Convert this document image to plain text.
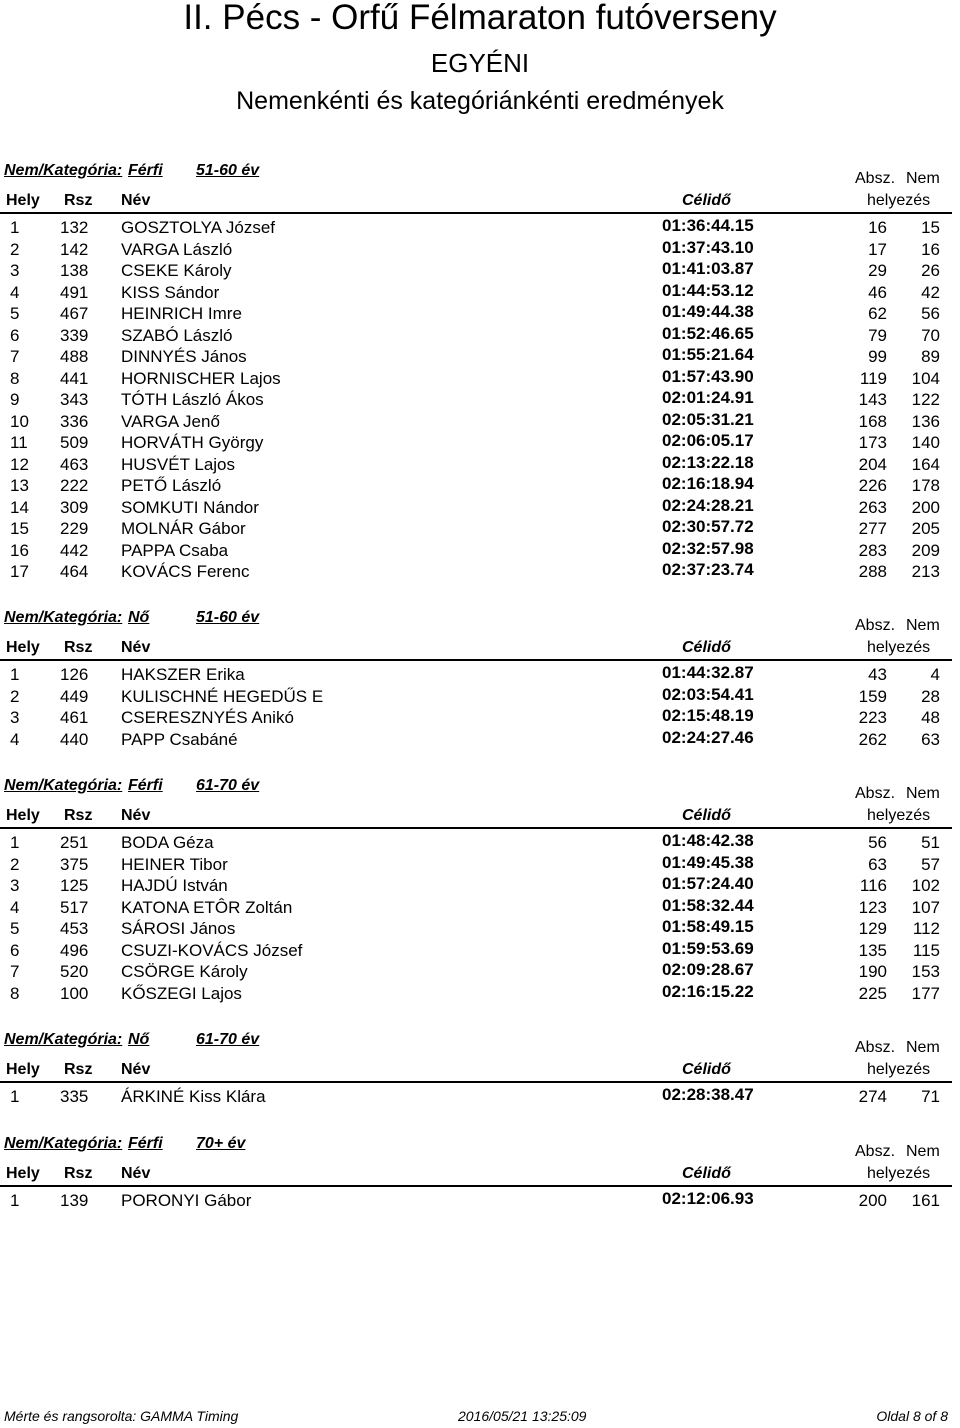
II. Pécs - Orfű Félmaraton futóverseny
EGYÉNI
Nemenkénti és kategóriánkénti eredmények
Nem/Kategória: Férfi 51-60 év	Absz. Nem
Hely Rsz Név	Célidő	helyezés
1 132 GOSZTOLYA József	01:36:44.15	16	15
2 142 VARGA László	01:37:43.10	17	16
3 138 CSEKE Károly	01:41:03.87	29	26
4 491 KISS Sándor	01:44:53.12	46	42
5 467 HEINRICH Imre	01:49:44.38	62	56
6 339 SZABÓ László	01:52:46.65	79	70
7 488 DINNYÉS János	01:55:21.64	99	89
8 441 HORNISCHER Lajos	01:57:43.90	119	104
9 343 TÓTH László Ákos	02:01:24.91	143	122
10 336 VARGA Jenő	02:05:31.21	168	136
11 509 HORVÁTH György	02:06:05.17	173	140
12 463 HUSVÉT Lajos	02:13:22.18	204	164
13 222 PETŐ László	02:16:18.94	226	178
14 309 SOMKUTI Nándor	02:24:28.21	263	200
15 229 MOLNÁR Gábor	02:30:57.72	277	205
16 442 PAPPA Csaba	02:32:57.98	283	209
17 464 KOVÁCS Ferenc	02:37:23.74	288	213
Nem/Kategória: Nő	51-60 év	Absz. Nem
Hely Rsz Név	Célidő	helyezés
1 126 HAKSZER Erika	01:44:32.87	43	4
2 449 KULISCHNÉ HEGEDŰS E	02:03:54.41	159	28
3 461 CSERESZNYÉS Anikó	02:15:48.19	223	48
4 440 PAPP Csabáné	02:24:27.46	262	63
Nem/Kategória: Férfi 61-70 év	Absz. Nem
Hely Rsz Név	Célidő	helyezés
1 251 BODA Géza	01:48:42.38	56	51
2 375 HEINER Tibor	01:49:45.38	63	57
3 125 HAJDÚ István	01:57:24.40	116	102
4 517 KATONA ETÔR Zoltán	01:58:32.44	123	107
5 453 SÁROSI János	01:58:49.15	129	112
6 496 CSUZI-KOVÁCS József	01:59:53.69	135	115
7 520 CSÖRGE Károly	02:09:28.67	190	153
8 100 KŐSZEGI Lajos	02:16:15.22	225	177
Nem/Kategória: Nő	61-70 év	Absz. Nem
Hely Rsz Név	Célidő	helyezés
1 335 ÁRKINÉ Kiss Klára	02:28:38.47	274	71
Nem/Kategória: Férfi 70+ év	Absz. Nem
Hely Rsz Név	Célidő	helyezés
1 139 PORONYI Gábor	02:12:06.93	200	161
Mérte és rangsorolta: GAMMA Timing	2016/05/21 13:25:09	Oldal 8 of 8
